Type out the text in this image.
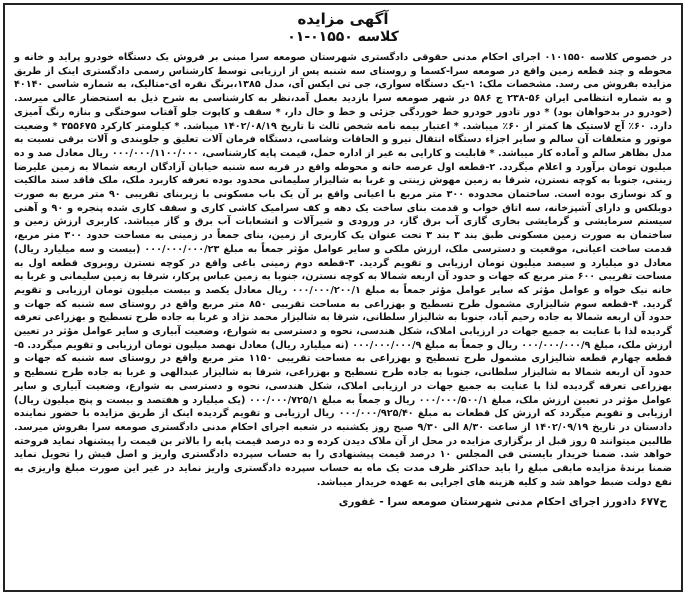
آگهی مزایده
کلاسه ۰۱۵۵۰-۰۱

در خصوص کلاسه ۰۱۰۱۵۵۰ اجرای احکام مدنی حقوقی دادگستری شهرستان صومعه سرا مبنی بر فروش یک دستگاه خودرو پراید و خانه و محوطه و چند قطعه زمین واقع در صومعه سرا-کسما و روستای سه شنبه پس از ارزیابی توسط کارشناس رسمی دادگستری اینک از طریق مزایده بفروش می رسد. مشخصات ملک: ۱-یک دستگاه سواری، جی تی ایکس آی، مدل ۱۳۸۵،برنگ نقره ای-متالیک، به شماره شاسی ۴۰۱۴۰ و به شماره انتظامی ایران ۵۶-۲۳۸ ج ۵۸۶ در شهر صومعه سرا بازدید بعمل آمد،نظر به کارشناسی به شرح ذیل به استحضار عالی میرسد.(خودرو در بدخواهان بود) * دور تادور خودرو خط خوردگی جزئی و خط و خال دار، * سقف و کاپوت جلو آفتاب سوختگی و بنازه رنگ آمیزی دارد. ۶۰٪ آج لاستیک ها کمتر از ۶۰٪ میباشد. * اعتبار بیمه نامه شخص ثالث تا تاریخ ۱۴۰۲/۰۸/۱۹ میباشد. * کیلومتر کارکرد ۳۵۵۶۷۵ * وضعیت موتور و متعلقات آن سالم و سایر اجزاء دستگاه انتقال نیرو و الحاقات وشاسی، دستگاه فرمان آلات تعلیق و جلوبندی و آلات برقی نسبت به مدل بظاهر سالم و آماده کار میباشد. * قابلیت و کارایی به غیر از اداره حمل، قیمت پایه کارشناسی، ۰۰۰/۰۰۰/۱۱۰۰/۰۰۰ ریال معادل صد و ده میلیون تومان برآورد و اعلام میگردد. ۲-قطعه اول عرصه خانه و محوطه واقع در قریه سه شنبه خیابان آزادگان اربعه شمالا به زمین علیرضا زینتی، جنوبا به کوچه نسترن، شرقا به زمین مهوش زینتی و غربا به شالیزار سلیمانی محدود بوده تعرفه کاربرد ملک، ملک فاقد سند مالکیت و کد نوسازی بوده است. ساختمان محدوده ۳۰۰ متر مربع با اعیانی واقع بر آن یک باب مسکونی با زیربنای تقریبی ۹۰ متر مربع به صورت دوبلکس و دارای آشپزخانه، سه اتاق خواب و قدمت بنای ساخت یک دهه و کف سرامیک کاشی کاری و سقف کاری شده پنجره و ۹۰ و آهنی سیستم سرمایشی و گرمایشی بخاری گازی آب برق گاز، در ورودی و شیرآلات و انشعابات آب برق و گاز میباشد. کاربری ارزش زمین و ساختمان به صورت زمین مسکونی طبق بند ۳ بند ۳ تحت عنوان یک کاربری از زمین، بنای جمعاً در زمینی به مساحت حدود ۳۰۰ متر مربع، قدمت ساخت اعیانی، موقعیت و دسترسی ملک، ارزش ملکی و سایر عوامل مؤثر جمعاً به مبلغ ۰۰۰/۰۰۰/۰۰۰/۲۳ (بیست و سه میلیارد ریال) معادل دو میلیارد و سیصد میلیون تومان ارزیابی و تقویم گردید. ۳-قطعه دوم زمینی باغی واقع در کوچه نسترن روبروی قطعه اول به مساحت تقریبی ۶۰۰ متر مربع که جهات و حدود آن اربعه شمالا به کوچه نسترن، جنوبا به زمین عباس پرکار، شرقا به زمین سلیمانی و غربا به خانه نیک خواه و عوامل مؤثر که سایر عوامل مؤثر جمعاً به مبلغ ۰۰۰/۰۰۰/۲۰۰/۱ ریال معادل یکصد و بیست میلیون تومان ارزیابی و تقویم گردید. ۴-قطعه سوم شالیزاری مشمول طرح تسطیح و بهزراعی به مساحت تقریبی ۸۵۰ متر مربع واقع در روستای سه شنبه که جهات و حدود آن اربعه شمالا به جاده رحیم آباد، جنوبا به شالیزار سلطانی، شرقا به شالیزار محمد نژاد و غربا به جاده طرح تسطیح و بهزراعی تعرفه گردیده لذا با عنایت به جمیع جهات در ارزیابی املاک، شکل هندسی، نحوه و دسترسی به شوارع، وضعیت آبیاری و سایر عوامل مؤثر در تعیین ارزش ملک، مبلغ ۰۰۰/۰۰۰/۰۰۰/۹ ریال و جمعاً به مبلغ ۰۰۰/۰۰۰/۰۰۰/۹ (نه میلیارد ریال) معادل نهصد میلیون تومان ارزیابی و تقویم میگردد. ۵-قطعه چهارم قطعه شالیزاری مشمول طرح تسطیح و بهزراعی به مساحت تقریبی ۱۱۵۰ متر مربع واقع در روستای سه شنبه که جهات و حدود آن اربعه شمالا به شالیزار سلطانی، جنوبا به جاده طرح تسطیح و بهزراعی، شرقا به شالیزار عبدالهی و غربا به جاده طرح تسطیح و بهزراعی تعرفه گردیده لذا با عنایت به جمیع جهات در ارزیابی املاک، شکل هندسی، نحوه و دسترسی به شوارع، وضعیت آبیاری و سایر عوامل مؤثر در تعیین ارزش ملک، مبلغ ۰۰۰/۰۰۰/۵۰۰/۱ ریال و جمعاً به مبلغ ۰۰۰/۰۰۰/۷۲۵/۱ (یک میلیارد و هفتصد و بیست و پنج میلیون ریال) ارزیابی و تقویم میگردد که ارزش کل قطعات به مبلغ ۰۰۰/۰۰۰/۹۲۵/۴۰ ریال ارزیابی و تقویم گردیده اینک از طریق مزایده با حضور نماینده دادستان در تاریخ ۱۴۰۲/۰۹/۱۹ از ساعت ۸/۳۰ الی ۹/۳۰ صبح روز یکشنبه در شعبه اجرای احکام مدنی دادگستری صومعه سرا بفروش میرسد. طالبین میتوانند ۵ روز قبل از برگزاری مزایده در محل از آن ملاک دیدن کرده و ده درصد قیمت پایه را بالاتر بن قیمت را پیشنهاد نماید فروخته خواهد شد. ضمنا خریدار بایستی فی المجلس ۱۰ درصد قیمت پیشنهادی را به حساب سپرده دادگستری واریز و اصل فیش را تحویل نماید ضمنا برندهٔ مزایده مابقی مبلغ را باید حداکثر ظرف مدت یک ماه به حساب سپرده دادگستری واریز نماید در غیر این صورت مبلغ واریزی به نفع دولت ضبط خواهد شد و کلیه هزینه های اجرایی به عهده خریدار میباشد.

ح۶۷۷ دادورز اجرای احکام مدنی شهرستان صومعه سرا - غفوری
